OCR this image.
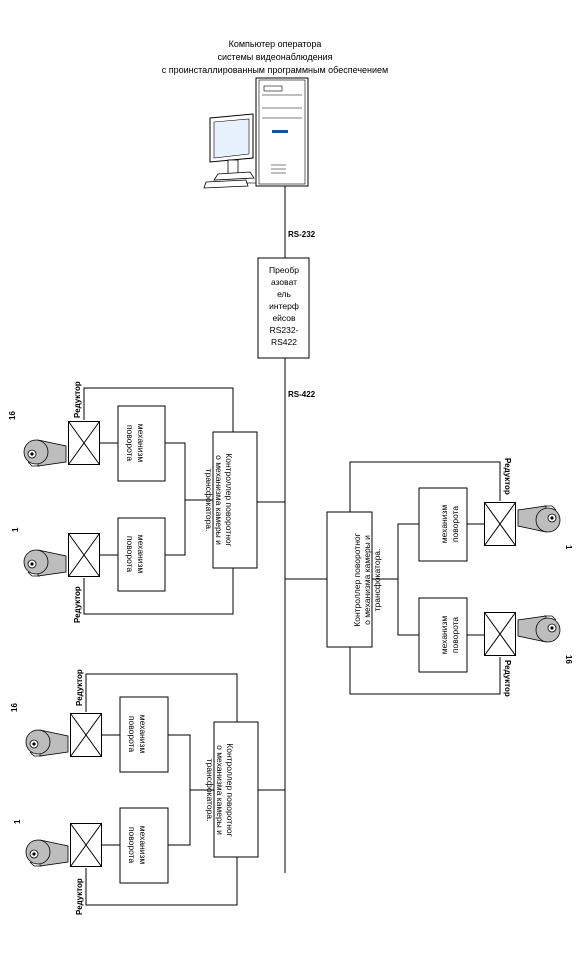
Компьютер оператора
системы видеонаблюдения
с проинсталлированным программным обеспечением
RS-232
Преобр
азоват
ель
интерф
ейсов
RS232-
RS422
RS-422
Контроллер поворотног
о механизма камеры и
трансфокатора.
механизм
поворота
механизм
поворота
Редуктор
Редуктор
16
1
Контроллер поворотног
о механизма камеры и
трансфокатора.
механизм
поворота
механизм
поворота
Редуктор
Редуктор
16
1
Контроллер поворотног о механизма камеры и трансфокатора.
механизм поворота
механизм поворота
Редуктор
Редуктор
1
16
